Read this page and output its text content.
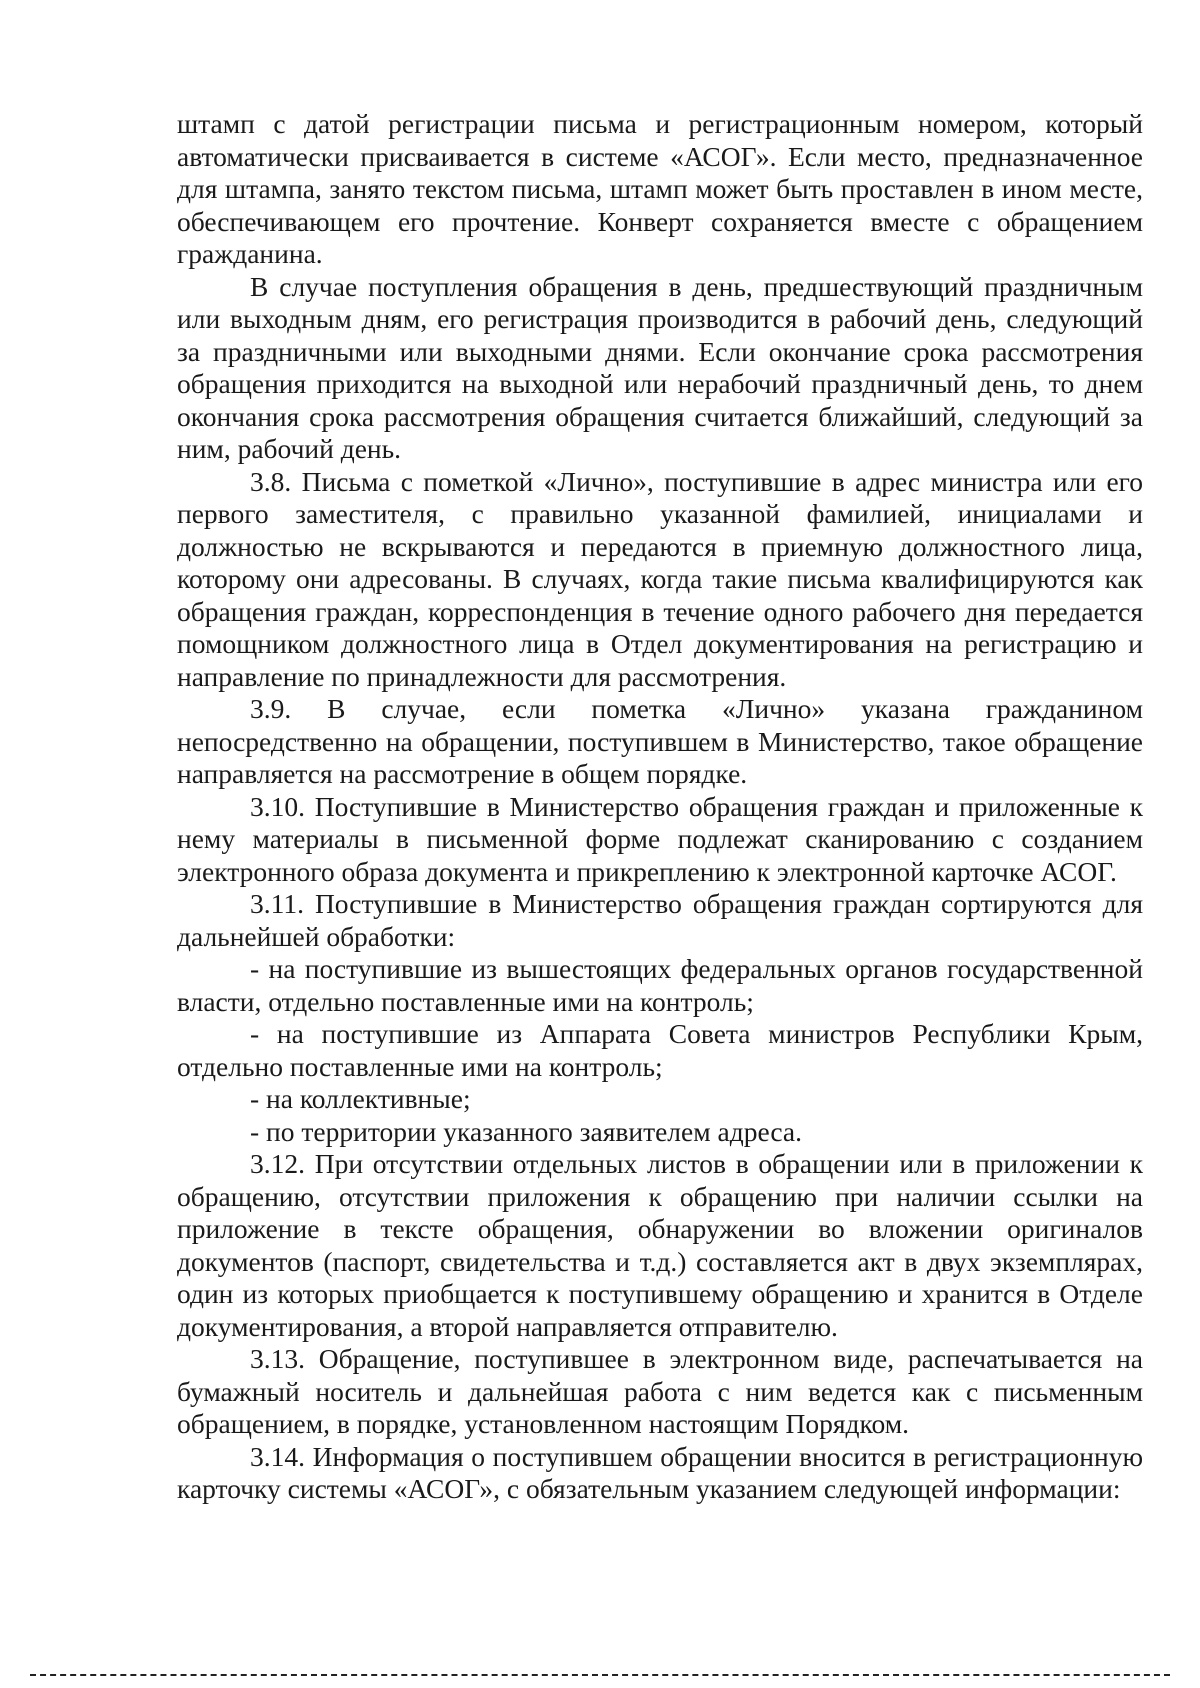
штамп с датой регистрации письма и регистрационным номером, который автоматически присваивается в системе «АСОГ». Если место, предназначенное для штампа, занято текстом письма, штамп может быть проставлен в ином месте, обеспечивающем его прочтение. Конверт сохраняется вместе с обращением гражданина.

В случае поступления обращения в день, предшествующий праздничным или выходным дням, его регистрация производится в рабочий день, следующий за праздничными или выходными днями. Если окончание срока рассмотрения обращения приходится на выходной или нерабочий праздничный день, то днем окончания срока рассмотрения обращения считается ближайший, следующий за ним, рабочий день.

3.8. Письма с пометкой «Лично», поступившие в адрес министра или его первого заместителя, с правильно указанной фамилией, инициалами и должностью не вскрываются и передаются в приемную должностного лица, которому они адресованы. В случаях, когда такие письма квалифицируются как обращения граждан, корреспонденция в течение одного рабочего дня передается помощником должностного лица в Отдел документирования на регистрацию и направление по принадлежности для рассмотрения.

3.9. В случае, если пометка «Лично» указана гражданином непосредственно на обращении, поступившем в Министерство, такое обращение направляется на рассмотрение в общем порядке.

3.10. Поступившие в Министерство обращения граждан и приложенные к нему материалы в письменной форме подлежат сканированию с созданием электронного образа документа и прикреплению к электронной карточке АСОГ.

3.11. Поступившие в Министерство обращения граждан сортируются для дальнейшей обработки:

- на поступившие из вышестоящих федеральных органов государственной власти, отдельно поставленные ими на контроль;

- на поступившие из Аппарата Совета министров Республики Крым, отдельно поставленные ими на контроль;

- на коллективные;

- по территории указанного заявителем адреса.

3.12. При отсутствии отдельных листов в обращении или в приложении к обращению, отсутствии приложения к обращению при наличии ссылки на приложение в тексте обращения, обнаружении во вложении оригиналов документов (паспорт, свидетельства и т.д.) составляется акт в двух экземплярах, один из которых приобщается к поступившему обращению и хранится в Отделе документирования, а второй направляется отправителю.

3.13. Обращение, поступившее в электронном виде, распечатывается на бумажный носитель и дальнейшая работа с ним ведется как с письменным обращением, в порядке, установленном настоящим Порядком.

3.14. Информация о поступившем обращении вносится в регистрационную карточку системы «АСОГ», с обязательным указанием следующей информации:
